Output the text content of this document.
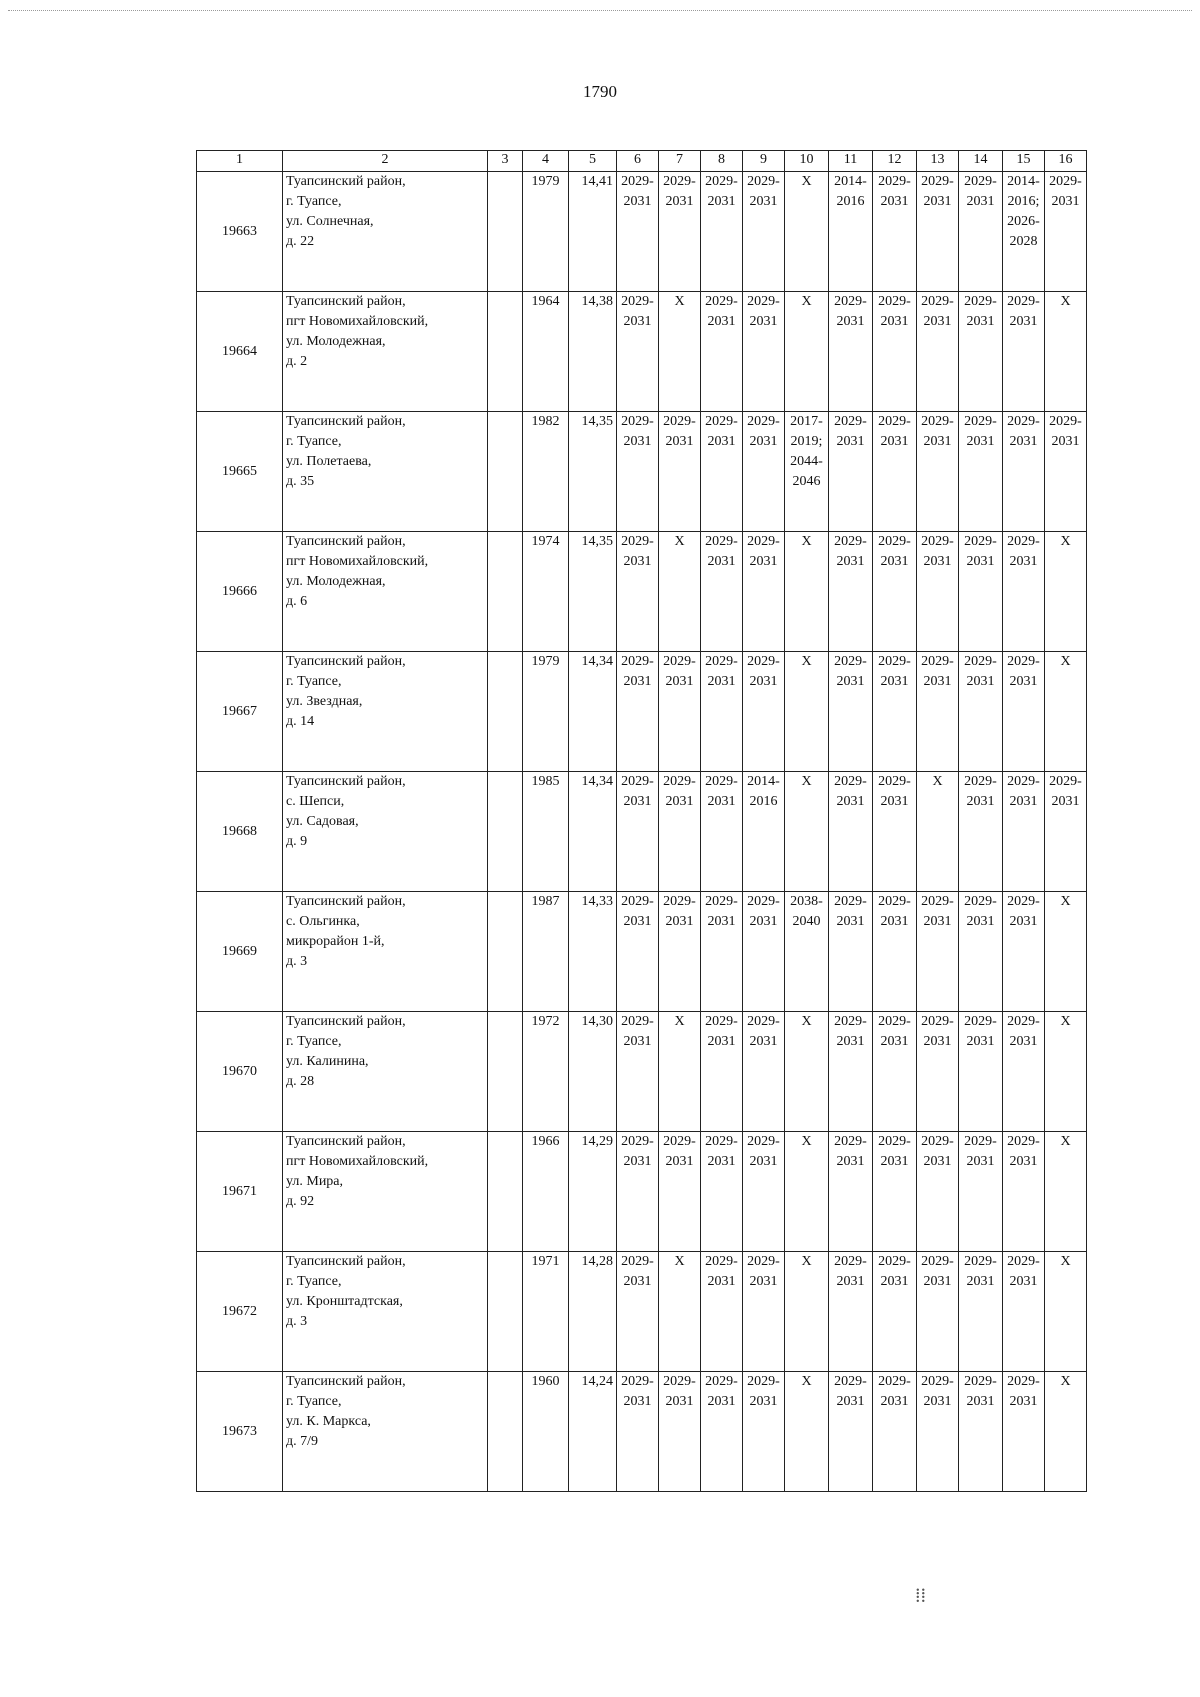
1790
1	2	3	4	5	6	7	8	9	10	11	12	13	14	15	16
19663	Туапсинский район,
г. Туапсе,
ул. Солнечная,
д. 22		1979	14,41	2029-
2031	2029-
2031	2029-
2031	2029-
2031	X	2014-
2016	2029-
2031	2029-
2031	2029-
2031	2014-
2016;
2026-
2028	2029-
2031
19664	Туапсинский район,
пгт Новомихайловский,
ул. Молодежная,
д. 2		1964	14,38	2029-
2031	X	2029-
2031	2029-
2031	X	2029-
2031	2029-
2031	2029-
2031	2029-
2031	2029-
2031	X
19665	Туапсинский район,
г. Туапсе,
ул. Полетаева,
д. 35		1982	14,35	2029-
2031	2029-
2031	2029-
2031	2029-
2031	2017-
2019;
2044-
2046	2029-
2031	2029-
2031	2029-
2031	2029-
2031	2029-
2031	2029-
2031
19666	Туапсинский район,
пгт Новомихайловский,
ул. Молодежная,
д. 6		1974	14,35	2029-
2031	X	2029-
2031	2029-
2031	X	2029-
2031	2029-
2031	2029-
2031	2029-
2031	2029-
2031	X
19667	Туапсинский район,
г. Туапсе,
ул. Звездная,
д. 14		1979	14,34	2029-
2031	2029-
2031	2029-
2031	2029-
2031	X	2029-
2031	2029-
2031	2029-
2031	2029-
2031	2029-
2031	X
19668	Туапсинский район,
с. Шепси,
ул. Садовая,
д. 9		1985	14,34	2029-
2031	2029-
2031	2029-
2031	2014-
2016	X	2029-
2031	2029-
2031	X	2029-
2031	2029-
2031	2029-
2031
19669	Туапсинский район,
с. Ольгинка,
микрорайон 1-й,
д. 3		1987	14,33	2029-
2031	2029-
2031	2029-
2031	2029-
2031	2038-
2040	2029-
2031	2029-
2031	2029-
2031	2029-
2031	2029-
2031	X
19670	Туапсинский район,
г. Туапсе,
ул. Калинина,
д. 28		1972	14,30	2029-
2031	X	2029-
2031	2029-
2031	X	2029-
2031	2029-
2031	2029-
2031	2029-
2031	2029-
2031	X
19671	Туапсинский район,
пгт Новомихайловский,
ул. Мира,
д. 92		1966	14,29	2029-
2031	2029-
2031	2029-
2031	2029-
2031	X	2029-
2031	2029-
2031	2029-
2031	2029-
2031	2029-
2031	X
19672	Туапсинский район,
г. Туапсе,
ул. Кронштадтская,
д. 3		1971	14,28	2029-
2031	X	2029-
2031	2029-
2031	X	2029-
2031	2029-
2031	2029-
2031	2029-
2031	2029-
2031	X
19673	Туапсинский район,
г. Туапсе,
ул. К. Маркса,
д. 7/9		1960	14,24	2029-
2031	2029-
2031	2029-
2031	2029-
2031	X	2029-
2031	2029-
2031	2029-
2031	2029-
2031	2029-
2031	X
⁞⁞
